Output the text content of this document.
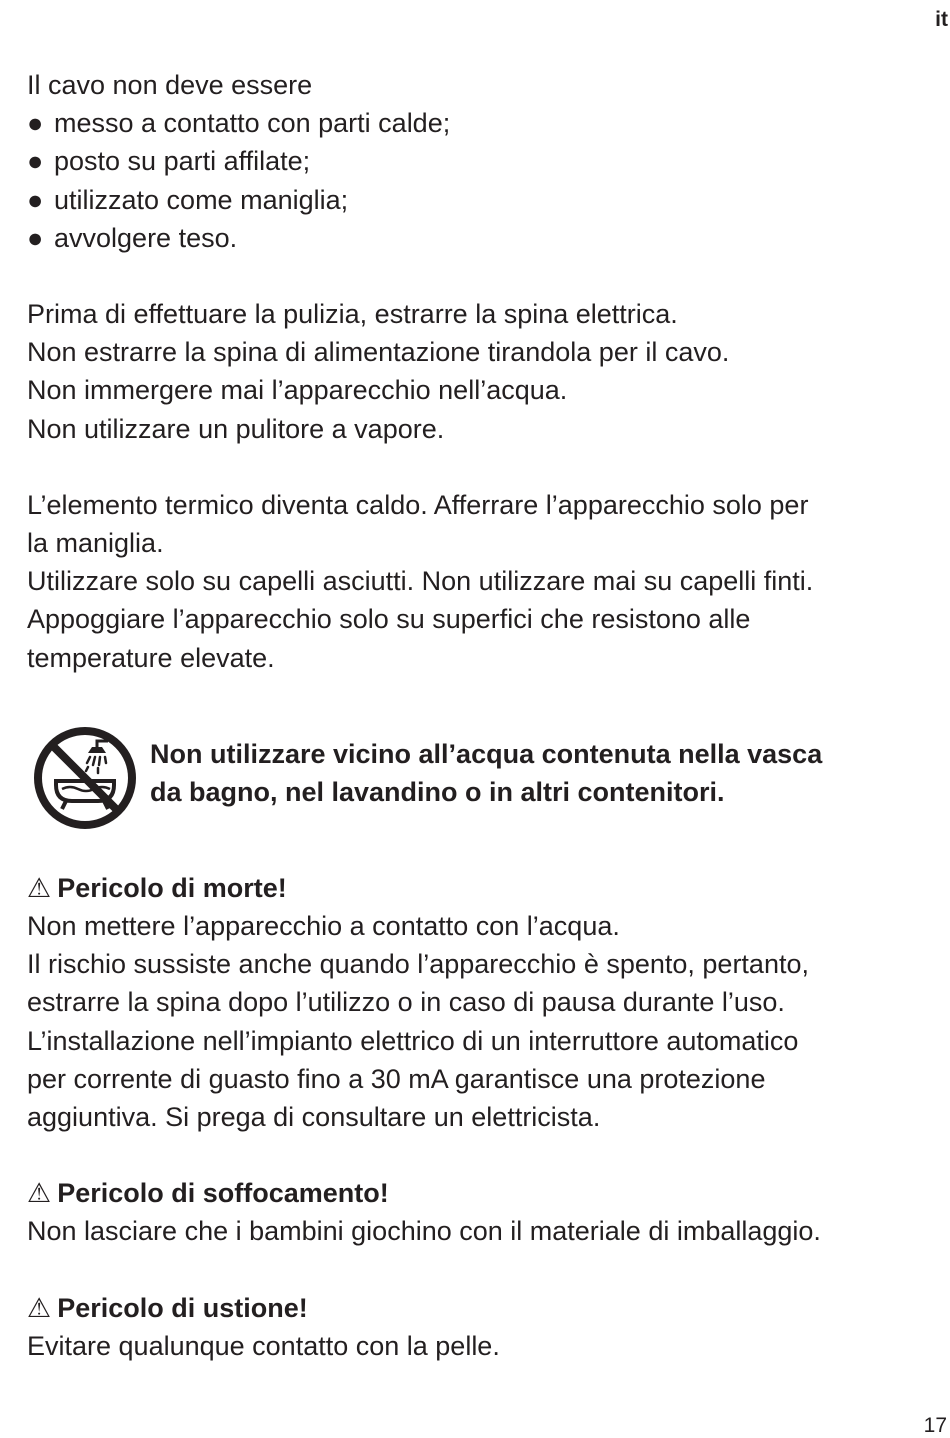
it
Il cavo non deve essere
● messo a contatto con parti calde;
● posto su parti affilate;
● utilizzato come maniglia;
● avvolgere teso.
Prima di effettuare la pulizia, estrarre la spina elettrica.
Non estrarre la spina di alimentazione tirandola per il cavo.
Non immergere mai l’apparecchio nell’acqua.
Non utilizzare un pulitore a vapore.
L’elemento termico diventa caldo. Afferrare l’apparecchio solo per
la maniglia.
Utilizzare solo su capelli asciutti. Non utilizzare mai su capelli finti.
Appoggiare l’apparecchio solo su superfici che resistono alle
temperature elevate.
Non utilizzare vicino all’acqua contenuta nella vasca
da bagno, nel lavandino o in altri contenitori.
⚠ Pericolo di morte!
Non mettere l’apparecchio a contatto con l’acqua.
Il rischio sussiste anche quando l’apparecchio è spento, pertanto,
estrarre la spina dopo l’utilizzo o in caso di pausa durante l’uso.
L’installazione nell’impianto elettrico di un interruttore automatico
per corrente di guasto fino a 30 mA garantisce una protezione
aggiuntiva. Si prega di consultare un elettricista.
⚠ Pericolo di soffocamento!
Non lasciare che i bambini giochino con il materiale di imballaggio.
⚠ Pericolo di ustione!
Evitare qualunque contatto con la pelle.
17
